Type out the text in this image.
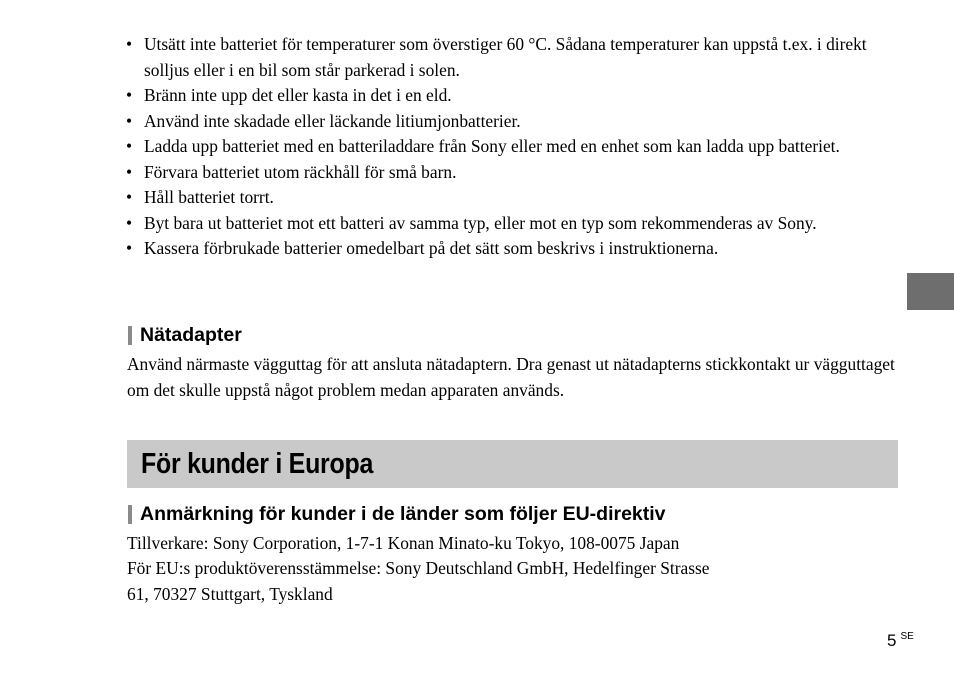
• Utsätt inte batteriet för temperaturer som överstiger 60 °C. Sådana temperaturer kan uppstå t.ex. i direkt solljus eller i en bil som står parkerad i solen.
• Bränn inte upp det eller kasta in det i en eld.
• Använd inte skadade eller läckande litiumjonbatterier.
• Ladda upp batteriet med en batteriladdare från Sony eller med en enhet som kan ladda upp batteriet.
• Förvara batteriet utom räckhåll för små barn.
• Håll batteriet torrt.
• Byt bara ut batteriet mot ett batteri av samma typ, eller mot en typ som rekommenderas av Sony.
• Kassera förbrukade batterier omedelbart på det sätt som beskrivs i instruktionerna.
Nätadapter

Använd närmaste vägguttag för att ansluta nätadaptern. Dra genast ut nätadapterns stickkontakt ur vägguttaget om det skulle uppstå något problem medan apparaten används.

För kunder i Europa
Anmärkning för kunder i de länder som följer EU-direktiv

Tillverkare: Sony Corporation, 1-7-1 Konan Minato-ku Tokyo, 108-0075 Japan

För EU:s produktöverensstämmelse: Sony Deutschland GmbH, Hedelfinger Strasse

61, 70327 Stuttgart, Tyskland

5 $^{SE}$
